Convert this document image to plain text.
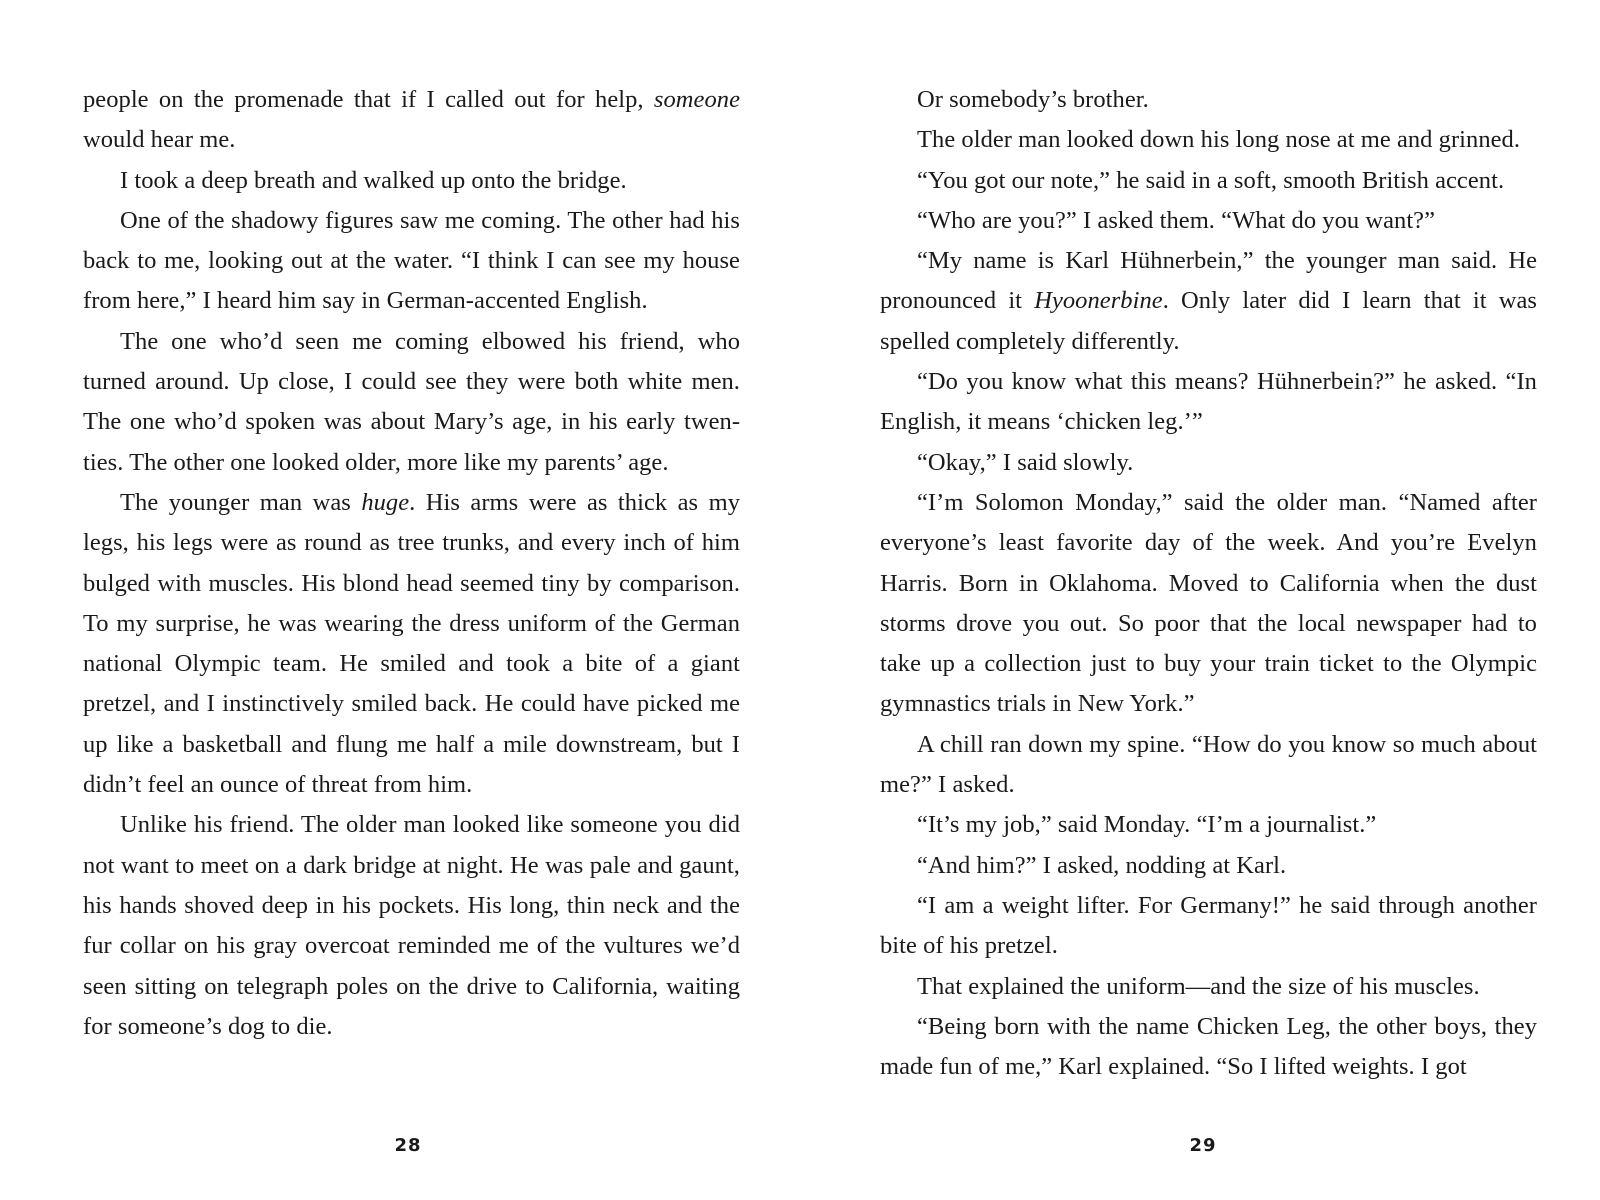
people on the promenade that if I called out for help, someone would hear me.

I took a deep breath and walked up onto the bridge.

One of the shadowy figures saw me coming. The other had his back to me, looking out at the water. “I think I can see my house from here,” I heard him say in German-accented English.

The one who’d seen me coming elbowed his friend, who turned around. Up close, I could see they were both white men. The one who’d spoken was about Mary’s age, in his early twenties. The other one looked older, more like my parents’ age.

The younger man was huge. His arms were as thick as my legs, his legs were as round as tree trunks, and every inch of him bulged with muscles. His blond head seemed tiny by comparison. To my surprise, he was wearing the dress uniform of the German national Olympic team. He smiled and took a bite of a giant pretzel, and I instinctively smiled back. He could have picked me up like a basketball and flung me half a mile downstream, but I didn’t feel an ounce of threat from him.

Unlike his friend. The older man looked like someone you did not want to meet on a dark bridge at night. He was pale and gaunt, his hands shoved deep in his pockets. His long, thin neck and the fur collar on his gray overcoat reminded me of the vultures we’d seen sitting on telegraph poles on the drive to California, waiting for someone’s dog to die.

Or somebody’s brother.

The older man looked down his long nose at me and grinned.

“You got our note,” he said in a soft, smooth British accent.

“Who are you?” I asked them. “What do you want?”

“My name is Karl Hühnerbein,” the younger man said. He pronounced it Hyoonerbine. Only later did I learn that it was spelled completely differently.

“Do you know what this means? Hühnerbein?” he asked. “In English, it means ‘chicken leg.’”

“Okay,” I said slowly.

“I’m Solomon Monday,” said the older man. “Named after everyone’s least favorite day of the week. And you’re Evelyn Harris. Born in Oklahoma. Moved to California when the dust storms drove you out. So poor that the local newspaper had to take up a collection just to buy your train ticket to the Olympic gymnastics trials in New York.”

A chill ran down my spine. “How do you know so much about me?” I asked.

“It’s my job,” said Monday. “I’m a journalist.”

“And him?” I asked, nodding at Karl.

“I am a weight lifter. For Germany!” he said through another bite of his pretzel.

That explained the uniform—and the size of his muscles.

“Being born with the name Chicken Leg, the other boys, they made fun of me,” Karl explained. “So I lifted weights. I got

28	29
